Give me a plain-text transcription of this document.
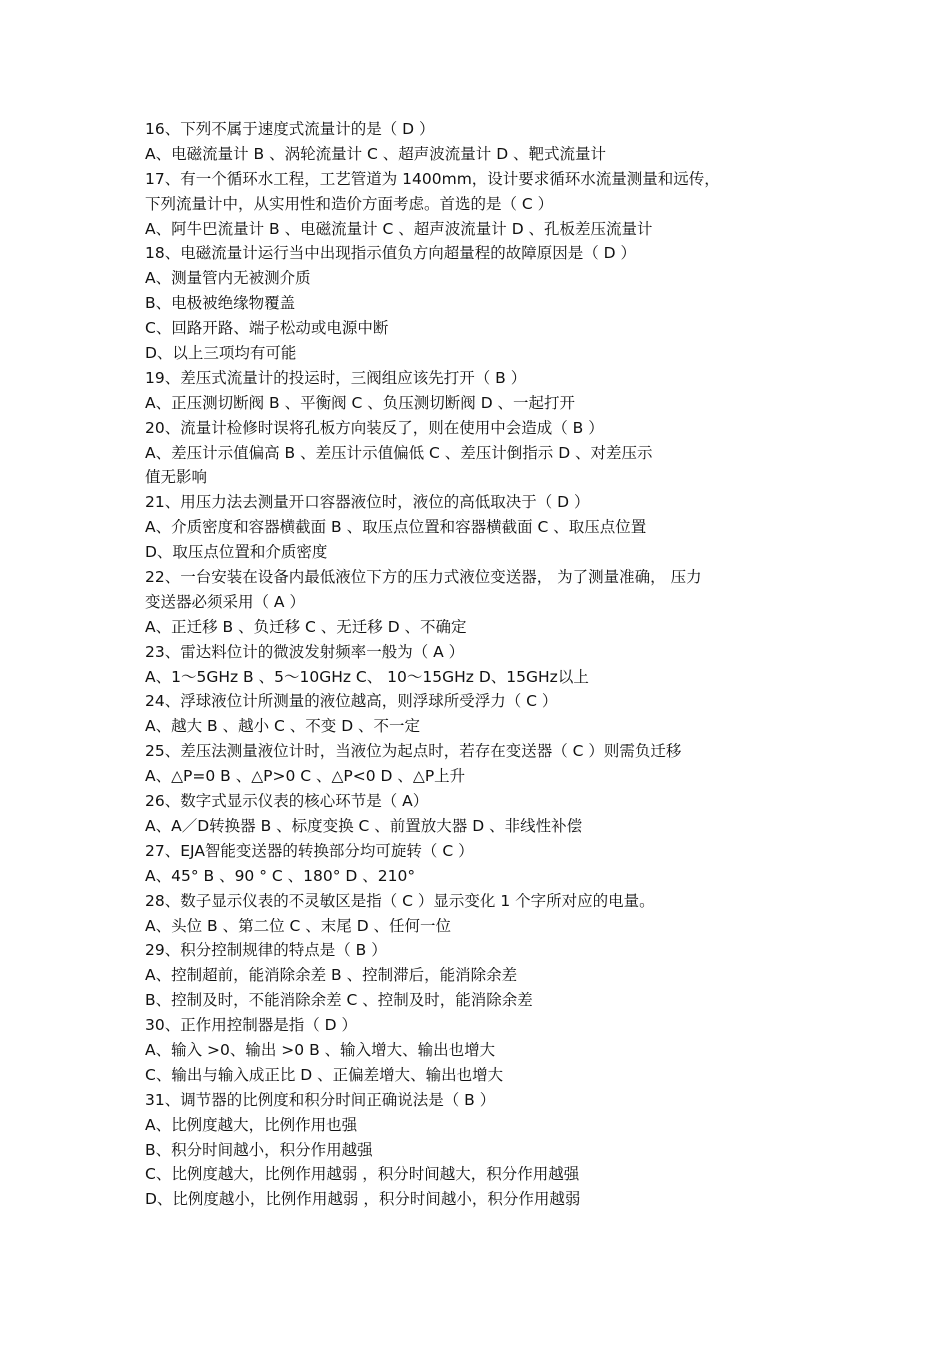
16、下列不属于速度式流量计的是（ D ）
A、电磁流量计 B 、涡轮流量计 C 、超声波流量计 D 、靶式流量计
17、有一个循环水工程，工艺管道为 1400mm，设计要求循环水流量测量和远传，
下列流量计中，从实用性和造价方面考虑。首选的是（ C ）
A、阿牛巴流量计 B 、电磁流量计 C 、超声波流量计 D 、孔板差压流量计
18、电磁流量计运行当中出现指示值负方向超量程的故障原因是（ D ）
A、测量管内无被测介质
B、电极被绝缘物覆盖
C、回路开路、端子松动或电源中断
D、以上三项均有可能
19、差压式流量计的投运时，三阀组应该先打开（ B ）
A、正压测切断阀 B 、平衡阀 C 、负压测切断阀 D 、一起打开
20、流量计检修时误将孔板方向装反了，则在使用中会造成（ B ）
A、差压计示值偏高 B 、差压计示值偏低 C 、差压计倒指示 D 、对差压示
值无影响
21、用压力法去测量开口容器液位时，液位的高低取决于（ D ）
A、介质密度和容器横截面 B 、取压点位置和容器横截面 C 、取压点位置
D、取压点位置和介质密度
22、一台安装在设备内最低液位下方的压力式液位变送器， 为了测量准确， 压力
变送器必须采用（ A ）
A、正迁移 B 、负迁移 C 、无迁移 D 、不确定
23、雷达料位计的微波发射频率一般为（ A ）
A、1～5GHz B 、5～10GHz C、 10～15GHz D、15GHz以上
24、浮球液位计所测量的液位越高，则浮球所受浮力（ C ）
A、越大 B 、越小 C 、不变 D 、不一定
25、差压法测量液位计时，当液位为起点时，若存在变送器（ C ）则需负迁移
A、△P=0 B 、△P>0 C 、△P<0 D 、△P上升
26、数字式显示仪表的核心环节是（ A）
A、A／D转换器 B 、标度变换 C 、前置放大器 D 、非线性补偿
27、EJA智能变送器的转换部分均可旋转（ C ）
A、45° B 、90 ° C 、180° D 、210°
28、数子显示仪表的不灵敏区是指（ C ）显示变化 1 个字所对应的电量。
A、头位 B 、第二位 C 、末尾 D 、任何一位
29、积分控制规律的特点是（ B ）
A、控制超前，能消除余差 B 、控制滞后，能消除余差
B、控制及时，不能消除余差 C 、控制及时，能消除余差
30、正作用控制器是指（ D ）
A、输入 >0、输出 >0 B 、输入增大、输出也增大
C、输出与输入成正比 D 、正偏差增大、输出也增大
31、调节器的比例度和积分时间正确说法是（ B ）
A、比例度越大，比例作用也强
B、积分时间越小，积分作用越强
C、比例度越大，比例作用越弱 ，积分时间越大，积分作用越强
D、比例度越小，比例作用越弱 ，积分时间越小，积分作用越弱
